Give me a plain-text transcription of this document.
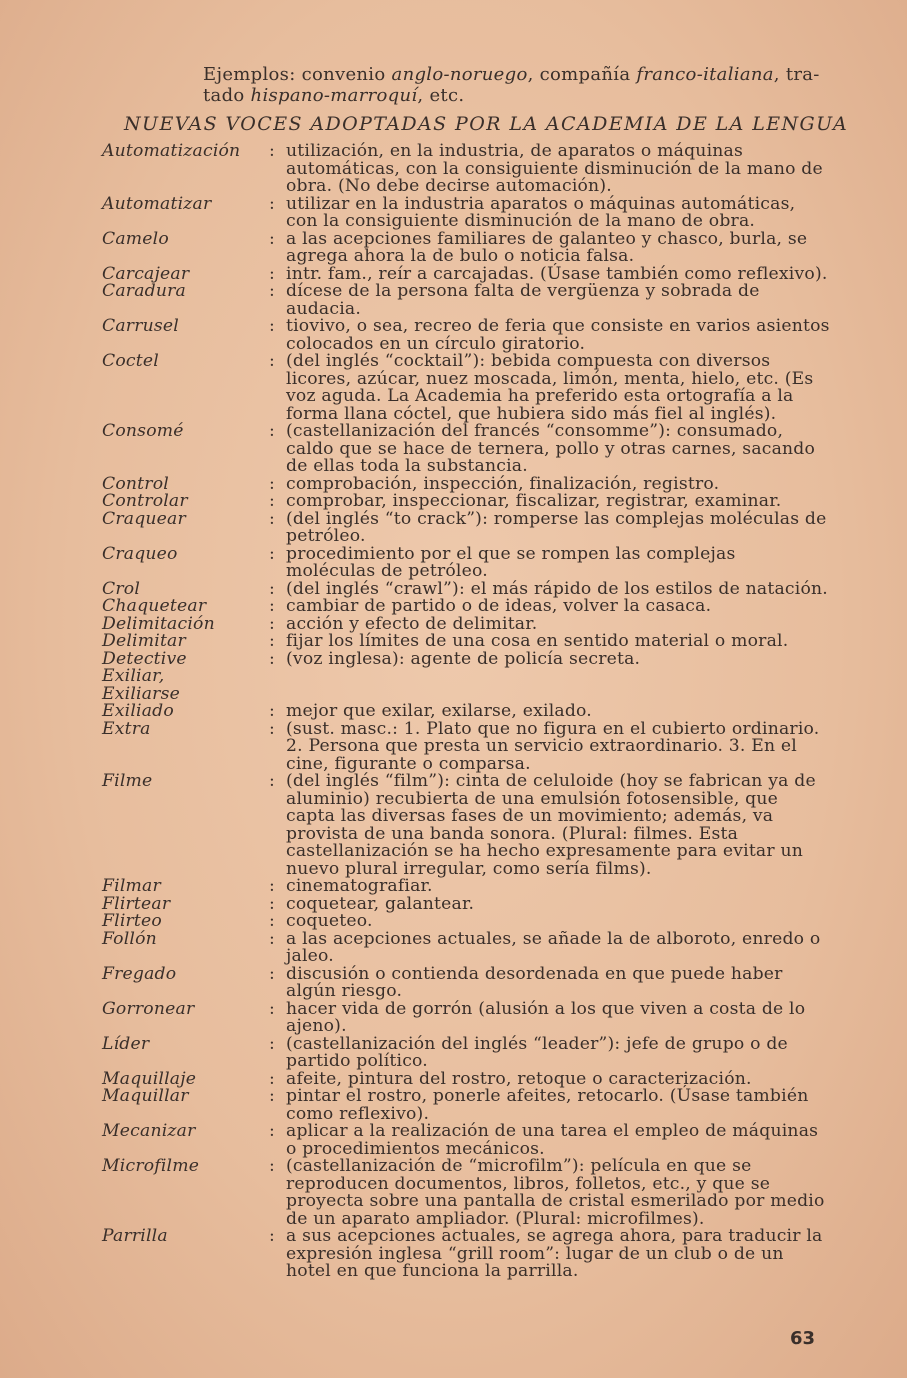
Ejemplos: convenio anglo-noruego, compañía franco-italiana, tra-
tado hispano-marroquí, etc.
NUEVAS VOCES ADOPTADAS POR LA ACADEMIA DE LA LENGUA
Automatización	: utilización, en la industria, de aparatos o máquinas automáticas, con la consiguiente disminución de la mano de obra. (No debe decirse automación).
Automatizar	: utilizar en la industria aparatos o máquinas automáticas, con la consiguiente disminución de la mano de obra.
Camelo	: a las acepciones familiares de galanteo y chasco, burla, se agrega ahora la de bulo o noticia falsa.
Carcajear	: intr. fam., reír a carcajadas. (Úsase también como reflexivo).
Caradura	: dícese de la persona falta de vergüenza y sobrada de audacia.
Carrusel	: tiovivo, o sea, recreo de feria que consiste en varios asientos colocados en un círculo giratorio.
Coctel	: (del inglés “cocktail”): bebida compuesta con diversos licores, azúcar, nuez moscada, limón, menta, hielo, etc. (Es voz aguda. La Academia ha preferido esta ortografía a la forma llana cóctel, que hubiera sido más fiel al inglés).
Consomé	: (castellanización del francés “consomme”): consumado, caldo que se hace de ternera, pollo y otras carnes, sacando de ellas toda la substancia.
Control	: comprobación, inspección, finalización, registro.
Controlar	: comprobar, inspeccionar, fiscalizar, registrar, examinar.
Craquear	: (del inglés “to crack”): romperse las complejas moléculas de petróleo.
Craqueo	: procedimiento por el que se rompen las complejas moléculas de petróleo.
Crol	: (del inglés “crawl”): el más rápido de los estilos de natación.
Chaquetear	: cambiar de partido o de ideas, volver la casaca.
Delimitación	: acción y efecto de delimitar.
Delimitar	: fijar los límites de una cosa en sentido material o moral.
Detective	: (voz inglesa): agente de policía secreta.
Exiliar,
Exiliarse
Exiliado	: mejor que exilar, exilarse, exilado.
Extra	: (sust. masc.: 1. Plato que no figura en el cubierto ordinario. 2. Persona que presta un servicio extraordinario. 3. En el cine, figurante o comparsa.
Filme	: (del inglés “film”): cinta de celuloide (hoy se fabrican ya de aluminio) recubierta de una emulsión fotosensible, que capta las diversas fases de un movimiento; además, va provista de una banda sonora. (Plural: filmes. Esta castellanización se ha hecho expresamente para evitar un nuevo plural irregular, como sería films).
Filmar	: cinematografiar.
Flirtear	: coquetear, galantear.
Flirteo	: coqueteo.
Follón	: a las acepciones actuales, se añade la de alboroto, enredo o jaleo.
Fregado	: discusión o contienda desordenada en que puede haber algún riesgo.
Gorronear	: hacer vida de gorrón (alusión a los que viven a costa de lo ajeno).
Líder	: (castellanización del inglés “leader”): jefe de grupo o de partido político.
Maquillaje	: afeite, pintura del rostro, retoque o caracterización.
Maquillar	: pintar el rostro, ponerle afeites, retocarlo. (Úsase también como reflexivo).
Mecanizar	: aplicar a la realización de una tarea el empleo de máquinas o procedimientos mecánicos.
Microfilme	: (castellanización de “microfilm”): película en que se reproducen documentos, libros, folletos, etc., y que se proyecta sobre una pantalla de cristal esmerilado por medio de un aparato ampliador. (Plural: microfilmes).
Parrilla	: a sus acepciones actuales, se agrega ahora, para traducir la expresión inglesa “grill room”: lugar de un club o de un hotel en que funciona la parrilla.
63
